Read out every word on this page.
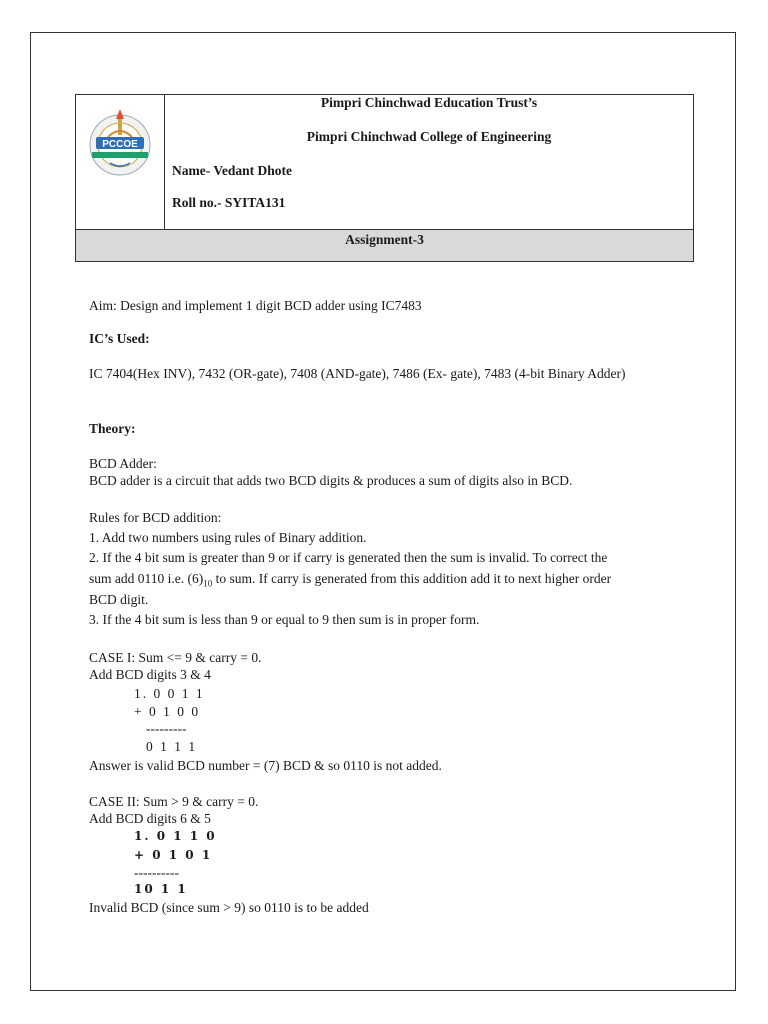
PCCOE
Pimpri Chinchwad Education Trust’s
Pimpri Chinchwad College of Engineering
Name- Vedant Dhote
Roll no.- SYITA131
Assignment-3
Aim: Design and implement 1 digit BCD adder using IC7483
IC’s Used:
IC 7404(Hex INV), 7432 (OR-gate), 7408 (AND-gate), 7486 (Ex- gate), 7483 (4-bit Binary Adder)
Theory:
BCD Adder:
BCD adder is a circuit that adds two BCD digits & produces a sum of digits also in BCD.
Rules for BCD addition:
1. Add two numbers using rules of Binary addition.
2. If the 4 bit sum is greater than 9 or if carry is generated then the sum is invalid. To correct the
sum add 0110 i.e. $(6)_{10}$ to sum. If carry is generated from this addition add it to next higher order
BCD digit.
3. If the 4 bit sum is less than 9 or equal to 9 then sum is in proper form.
CASE I: Sum <= 9 & carry = 0.
Add BCD digits 3 & 4
1. 0 0 1 1
+ 0 1 0 0
---------
0 1 1 1
Answer is valid BCD number = (7) BCD & so 0110 is not added.
CASE II: Sum > 9 & carry = 0.
Add BCD digits 6 & 5
1. 0 1 1 0
+ 0 1 0 1
----------
10 1 1
Invalid BCD (since sum > 9) so 0110 is to be added
